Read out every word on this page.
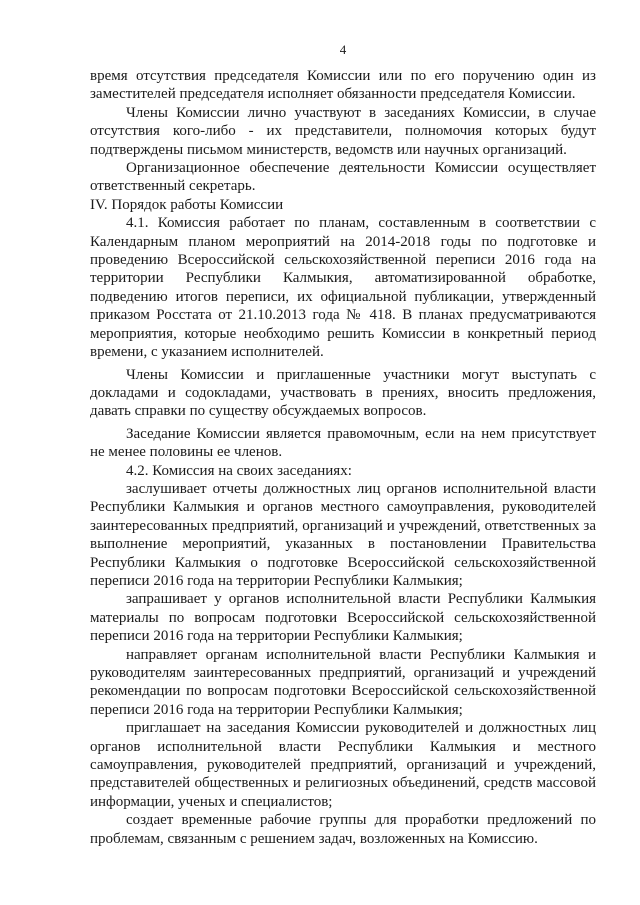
4

время отсутствия председателя Комиссии или по его поручению один из заместителей председателя исполняет обязанности председателя Комиссии.

Члены Комиссии лично участвуют в заседаниях Комиссии, в случае отсутствия кого-либо - их представители, полномочия которых будут подтверждены письмом министерств, ведомств или научных организаций.

Организационное обеспечение деятельности Комиссии осуществляет ответственный секретарь.

IV. Порядок работы Комиссии

4.1. Комиссия работает по планам, составленным в соответствии с Календарным планом мероприятий на 2014-2018 годы по подготовке и проведению Всероссийской сельскохозяйственной переписи 2016 года на территории Республики Калмыкия, автоматизированной обработке, подведению итогов переписи, их официальной публикации, утвержденный приказом Росстата от 21.10.2013 года № 418. В планах предусматриваются мероприятия, которые необходимо решить Комиссии в конкретный период времени, с указанием исполнителей.

Члены Комиссии и приглашенные участники могут выступать с докладами и содокладами, участвовать в прениях, вносить предложения, давать справки по существу обсуждаемых вопросов.

Заседание Комиссии является правомочным, если на нем присутствует не менее половины ее членов.

4.2. Комиссия на своих заседаниях:

заслушивает отчеты должностных лиц органов исполнительной власти Республики Калмыкия и органов местного самоуправления, руководителей заинтересованных предприятий, организаций и учреждений, ответственных за выполнение мероприятий, указанных в постановлении Правительства Республики Калмыкия о подготовке Всероссийской сельскохозяйственной переписи 2016 года на территории Республики Калмыкия;

запрашивает у органов исполнительной власти Республики Калмыкия материалы по вопросам подготовки Всероссийской сельскохозяйственной переписи 2016 года на территории Республики Калмыкия;

направляет органам исполнительной власти Республики Калмыкия и руководителям заинтересованных предприятий, организаций и учреждений рекомендации по вопросам подготовки Всероссийской сельскохозяйственной переписи 2016 года на территории Республики Калмыкия;

приглашает на заседания Комиссии руководителей и должностных лиц органов исполнительной власти Республики Калмыкия и местного самоуправления, руководителей предприятий, организаций и учреждений, представителей общественных и религиозных объединений, средств массовой информации, ученых и специалистов;

создает временные рабочие группы для проработки предложений по проблемам, связанным с решением задач, возложенных на Комиссию.
